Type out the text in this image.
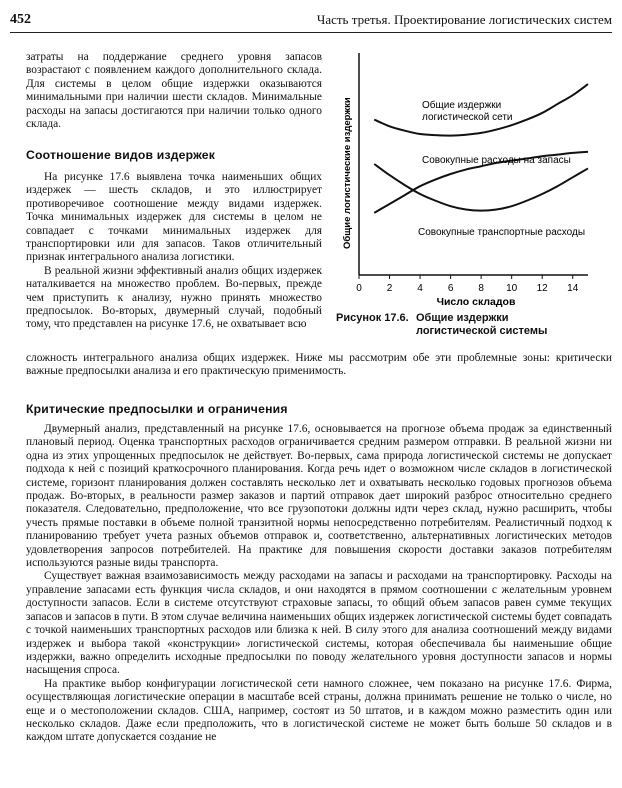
452	Часть третья. Проектирование логистических систем
затраты на поддержание среднего уровня запасов возрастают с появлением каждого дополнительного склада. Для системы в целом общие издержки оказываются минимальными при наличии шести складов. Минимальные расходы на запасы достигаются при наличии только одного склада.
Соотношение видов издержек
На рисунке 17.6 выявлена точка наименьших общих издержек — шесть складов, и это иллюстрирует противоречивое соотношение между видами издержек. Точка минимальных издержек для системы в целом не совпадает с точками минимальных издержек для транспортировки или для запасов. Таков отличительный признак интегрального анализа логистики.
В реальной жизни эффективный анализ общих издержек наталкивается на множество проблем. Во-первых, прежде чем приступить к анализу, нужно принять множество предпосылок. Во-вторых, двумерный случай, подобный тому, что представлен на рисунке 17.6, не охватывает всю
сложность интегрального анализа общих издержек. Ниже мы рассмотрим обе эти проблемные зоны: критически важные предпосылки анализа и его практическую применимость.
Общие логистические издержки
Число складов
0 2 4 6 8 10 12 14
Общие издержки
логистической сети
Совокупные расходы на запасы
Совокупные транспортные расходы
Рисунок 17.6. Общие издержки
логистической системы
Критические предпосылки и ограничения
Двумерный анализ, представленный на рисунке 17.6, основывается на прогнозе объема продаж за единственный плановый период. Оценка транспортных расходов ограничивается средним размером отправки. В реальной жизни ни одна из этих упрощенных предпосылок не действует. Во-первых, сама природа логистической системы не допускает подхода к ней с позиций краткосрочного планирования. Когда речь идет о возможном числе складов в логистической системе, горизонт планирования должен составлять несколько лет и охватывать несколько годовых прогнозов объема продаж. Во-вторых, в реальности размер заказов и партий отправок дает широкий разброс относительно среднего показателя. Следовательно, предположение, что все грузопотоки должны идти через склад, нужно расширить, чтобы учесть прямые поставки в объеме полной транзитной нормы непосредственно потребителям. Реалистичный подход к планированию требует учета разных объемов отправок и, соответственно, альтернативных логистических методов удовлетворения запросов потребителей. На практике для повышения скорости доставки заказов потребителям используются разные виды транспорта.
Существует важная взаимозависимость между расходами на запасы и расходами на транспортировку. Расходы на управление запасами есть функция числа складов, и они находятся в прямом соотношении с желательным уровнем доступности запасов. Если в системе отсутствуют страховые запасы, то общий объем запасов равен сумме текущих запасов и запасов в пути. В этом случае величина наименьших общих издержек логистической системы будет совпадать с точкой наименьших транспортных расходов или близка к ней. В силу этого для анализа соотношений между видами издержек и выбора такой «конструкции» логистической системы, которая обеспечивала бы наименьшие общие издержки, важно определить исходные предпосылки по поводу желательного уровня доступности запасов и нормы насыщения спроса.
На практике выбор конфигурации логистической сети намного сложнее, чем показано на рисунке 17.6. Фирма, осуществляющая логистические операции в масштабе всей страны, должна принимать решение не только о числе, но еще и о местоположении складов. США, например, состоят из 50 штатов, и в каждом можно разместить один или несколько складов. Даже если предположить, что в логистической системе не может быть больше 50 складов и в каждом штате допускается создание не
